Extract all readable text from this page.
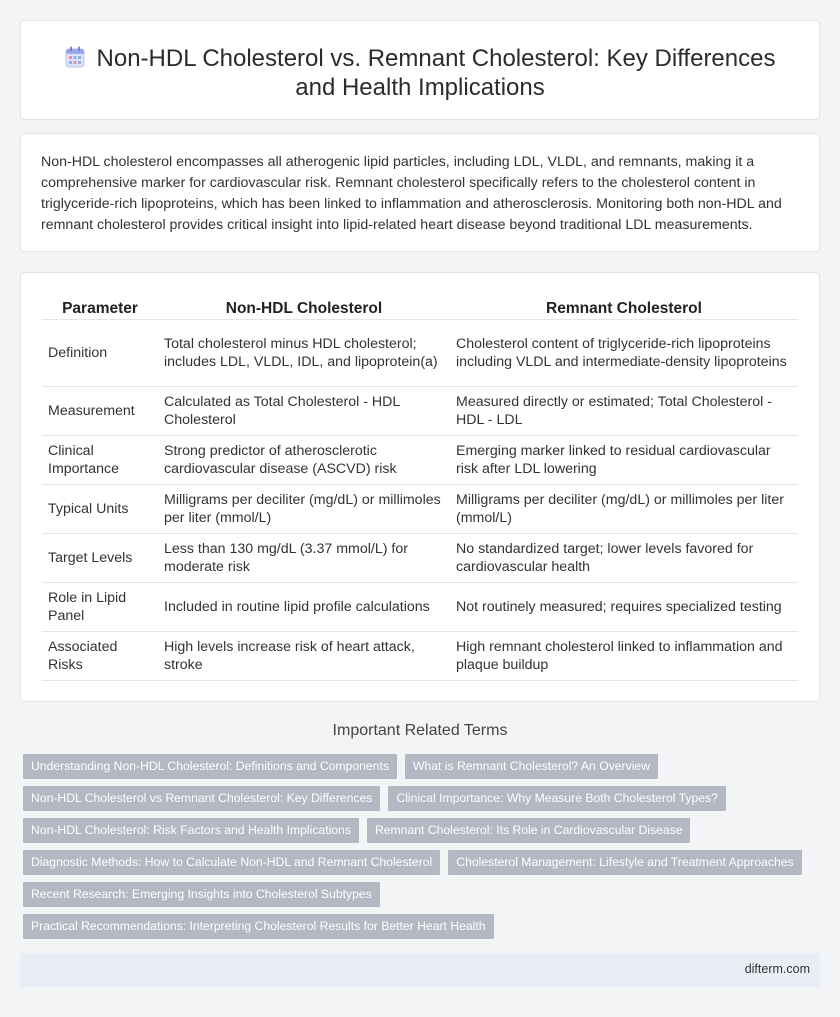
Non-HDL Cholesterol vs. Remnant Cholesterol: Key Differences and Health Implications

Non-HDL cholesterol encompasses all atherogenic lipid particles, including LDL, VLDL, and remnants, making it a comprehensive marker for cardiovascular risk. Remnant cholesterol specifically refers to the cholesterol content in triglyceride-rich lipoproteins, which has been linked to inflammation and atherosclerosis. Monitoring both non-HDL and remnant cholesterol provides critical insight into lipid-related heart disease beyond traditional LDL measurements.

Parameter	Non-HDL Cholesterol	Remnant Cholesterol
Definition	Total cholesterol minus HDL cholesterol; includes LDL, VLDL, IDL, and lipoprotein(a)	Cholesterol content of triglyceride-rich lipoproteins including VLDL and intermediate-density lipoproteins
Measurement	Calculated as Total Cholesterol - HDL Cholesterol	Measured directly or estimated; Total Cholesterol - HDL - LDL
Clinical Importance	Strong predictor of atherosclerotic cardiovascular disease (ASCVD) risk	Emerging marker linked to residual cardiovascular risk after LDL lowering
Typical Units	Milligrams per deciliter (mg/dL) or millimoles per liter (mmol/L)	Milligrams per deciliter (mg/dL) or millimoles per liter (mmol/L)
Target Levels	Less than 130 mg/dL (3.37 mmol/L) for moderate risk	No standardized target; lower levels favored for cardiovascular health
Role in Lipid Panel	Included in routine lipid profile calculations	Not routinely measured; requires specialized testing
Associated Risks	High levels increase risk of heart attack, stroke	High remnant cholesterol linked to inflammation and plaque buildup
Important Related Terms
Understanding Non-HDL Cholesterol: Definitions and Components	What is Remnant Cholesterol? An Overview
Non-HDL Cholesterol vs Remnant Cholesterol: Key Differences	Clinical Importance: Why Measure Both Cholesterol Types?
Non-HDL Cholesterol: Risk Factors and Health Implications	Remnant Cholesterol: Its Role in Cardiovascular Disease
Diagnostic Methods: How to Calculate Non-HDL and Remnant Cholesterol	Cholesterol Management: Lifestyle and Treatment Approaches
Recent Research: Emerging Insights into Cholesterol Subtypes
Practical Recommendations: Interpreting Cholesterol Results for Better Heart Health
difterm.com
